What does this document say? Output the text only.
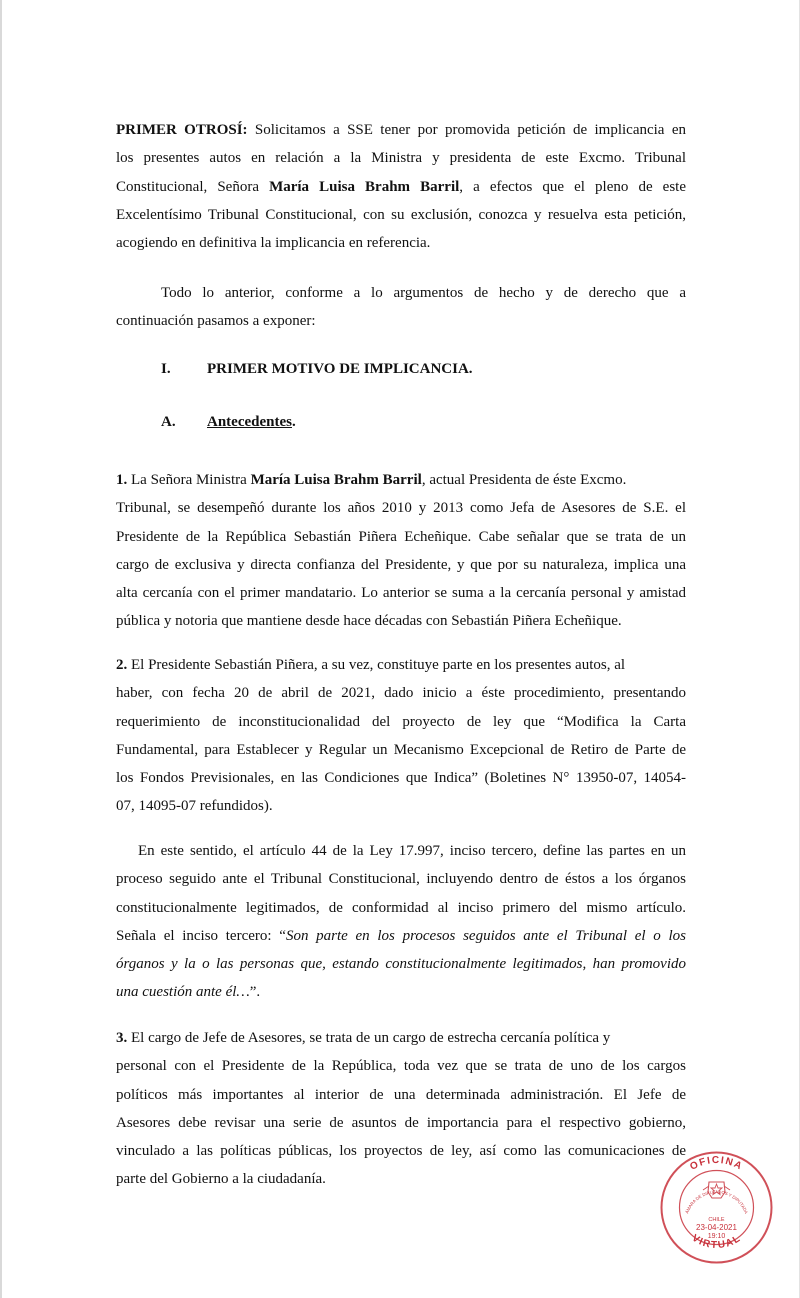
PRIMER OTROSÍ: Solicitamos a SSE tener por promovida petición de implicancia en
los presentes autos en relación a la Ministra y presidenta de este Excmo. Tribunal
Constitucional, Señora María Luisa Brahm Barril, a efectos que el pleno de este
Excelentísimo Tribunal Constitucional, con su exclusión, conozca y resuelva esta petición,
acogiendo en definitiva la implicancia en referencia.
Todo lo anterior, conforme a lo argumentos de hecho y de derecho que a
continuación pasamos a exponer:
I. PRIMER MOTIVO DE IMPLICANCIA.
A. Antecedentes.
1. La Señora Ministra María Luisa Brahm Barril, actual Presidenta de éste Excmo.
Tribunal, se desempeñó durante los años 2010 y 2013 como Jefa de Asesores de S.E. el
Presidente de la República Sebastián Piñera Echeñique. Cabe señalar que se trata de un
cargo de exclusiva y directa confianza del Presidente, y que por su naturaleza, implica una
alta cercanía con el primer mandatario. Lo anterior se suma a la cercanía personal y amistad
pública y notoria que mantiene desde hace décadas con Sebastián Piñera Echeñique.
2. El Presidente Sebastián Piñera, a su vez, constituye parte en los presentes autos, al
haber, con fecha 20 de abril de 2021, dado inicio a éste procedimiento, presentando
requerimiento de inconstitucionalidad del proyecto de ley que “Modifica la Carta
Fundamental, para Establecer y Regular un Mecanismo Excepcional de Retiro de Parte de
los Fondos Previsionales, en las Condiciones que Indica” (Boletines N° 13950-07, 14054-
07, 14095-07 refundidos).
En este sentido, el artículo 44 de la Ley 17.997, inciso tercero, define las partes en un
proceso seguido ante el Tribunal Constitucional, incluyendo dentro de éstos a los órganos
constitucionalmente legitimados, de conformidad al inciso primero del mismo artículo.
Señala el inciso tercero: “Son parte en los procesos seguidos ante el Tribunal el o los
órganos y la o las personas que, estando constitucionalmente legitimados, han promovido
una cuestión ante él…”.
3. El cargo de Jefe de Asesores, se trata de un cargo de estrecha cercanía política y
personal con el Presidente de la República, toda vez que se trata de uno de los cargos
políticos más importantes al interior de una determinada administración. El Jefe de
Asesores debe revisar una serie de asuntos de importancia para el respectivo gobierno,
vinculado a las políticas públicas, los proyectos de ley, así como las comunicaciones de
parte del Gobierno a la ciudadanía.
OFICINA
VIRTUAL
ÁMARA DE DIPUTADOS Y DIPUTADA
CHILE
23-04-2021
19:10
